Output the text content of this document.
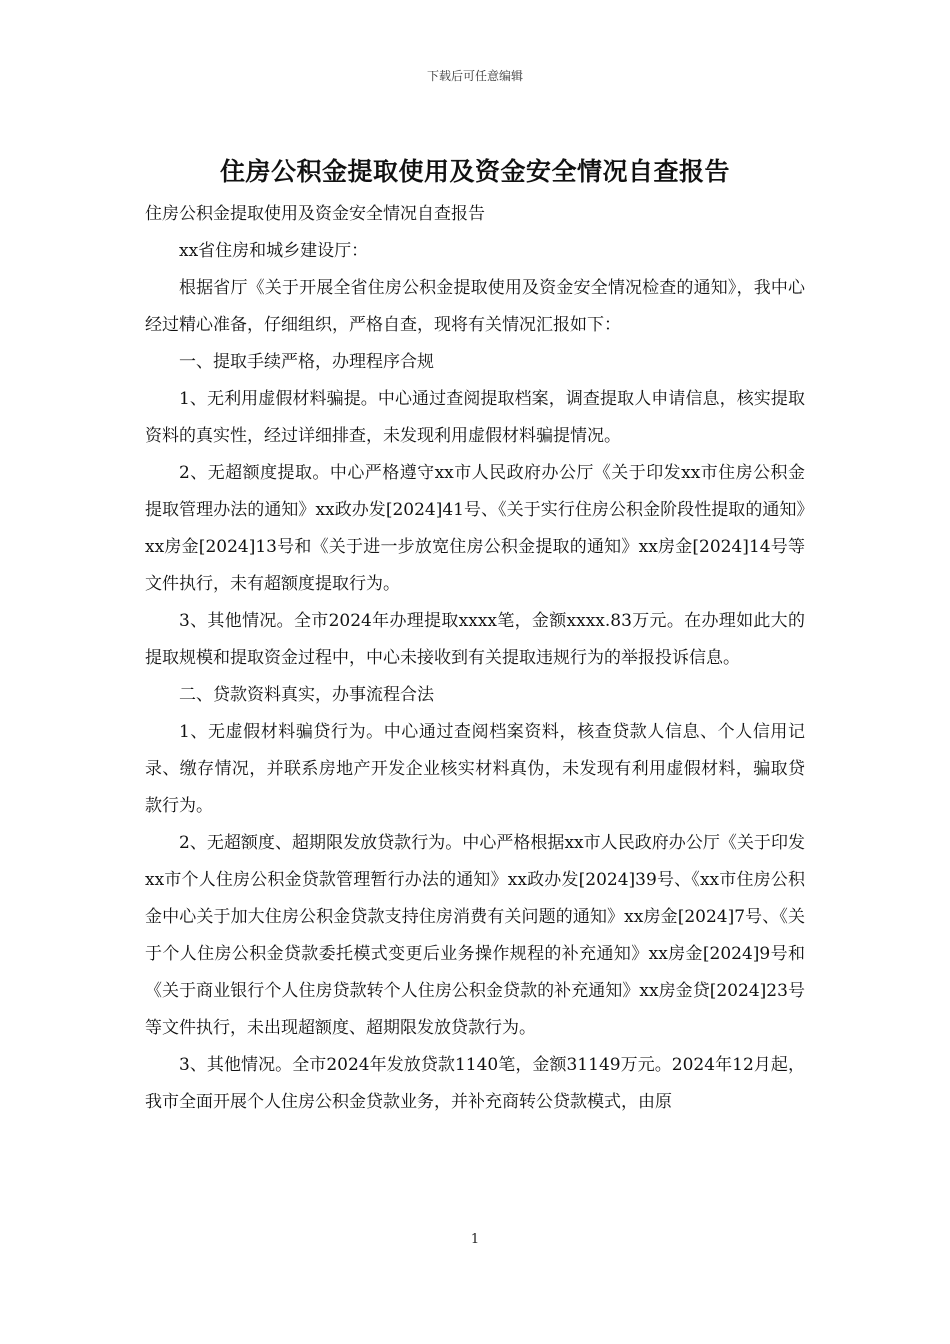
下载后可任意编辑
住房公积金提取使用及资金安全情况自查报告

住房公积金提取使用及资金安全情况自查报告

xx省住房和城乡建设厅：

根据省厅《关于开展全省住房公积金提取使用及资金安全情况检查的通知》，我中心经过精心准备，仔细组织，严格自查，现将有关情况汇报如下：

一、提取手续严格，办理程序合规

1、无利用虚假材料骗提。中心通过查阅提取档案，调查提取人申请信息，核实提取资料的真实性，经过详细排查，未发现利用虚假材料骗提情况。

2、无超额度提取。中心严格遵守xx市人民政府办公厅《关于印发xx市住房公积金提取管理办法的通知》xx政办发[2024]41号、《关于实行住房公积金阶段性提取的通知》xx房金[2024]13号和《关于进一步放宽住房公积金提取的通知》xx房金[2024]14号等文件执行，未有超额度提取行为。

3、其他情况。全市2024年办理提取xxxx笔，金额xxxx.83万元。在办理如此大的提取规模和提取资金过程中，中心未接收到有关提取违规行为的举报投诉信息。

二、贷款资料真实，办事流程合法

1、无虚假材料骗贷行为。中心通过查阅档案资料，核查贷款人信息、个人信用记录、缴存情况，并联系房地产开发企业核实材料真伪，未发现有利用虚假材料，骗取贷款行为。

2、无超额度、超期限发放贷款行为。中心严格根据xx市人民政府办公厅《关于印发xx市个人住房公积金贷款管理暂行办法的通知》xx政办发[2024]39号、《xx市住房公积金中心关于加大住房公积金贷款支持住房消费有关问题的通知》xx房金[2024]7号、《关于个人住房公积金贷款委托模式变更后业务操作规程的补充通知》xx房金[2024]9号和《关于商业银行个人住房贷款转个人住房公积金贷款的补充通知》xx房金贷[2024]23号等文件执行，未出现超额度、超期限发放贷款行为。

3、其他情况。全市2024年发放贷款1140笔，金额31149万元。2024年12月起，我市全面开展个人住房公积金贷款业务，并补充商转公贷款模式，由原

1
